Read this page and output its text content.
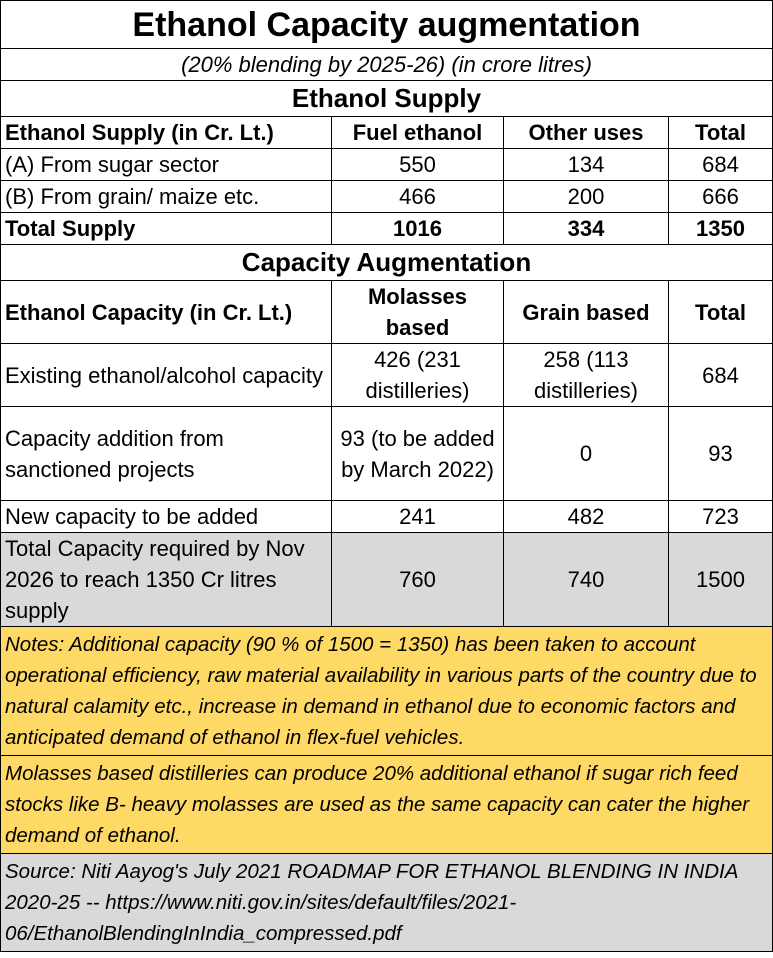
Ethanol Capacity augmentation			
(20% blending by 2025-26) (in crore litres)			
Ethanol Supply			
Ethanol Supply (in Cr. Lt.)	Fuel ethanol	Other uses	Total
(A) From sugar sector	550	134	684
(B) From grain/ maize etc.	466	200	666
Total Supply	1016	334	1350
Capacity Augmentation			
Ethanol Capacity (in Cr. Lt.)	Molasses based	Grain based	Total
Existing ethanol/alcohol capacity	426 (231 distilleries)	258 (113 distilleries)	684
Capacity addition from sanctioned projects	93 (to be added by March 2022)	0	93
New capacity to be added	241	482	723
Total Capacity required by Nov 2026 to reach 1350 Cr litres supply	760	740	1500
Notes: Additional capacity (90 % of 1500 = 1350) has been taken to account operational efficiency, raw material availability in various parts of the country due to natural calamity etc., increase in demand in ethanol due to economic factors and anticipated demand of ethanol in flex-fuel vehicles.			
Molasses based distilleries can produce 20% additional ethanol if sugar rich feed stocks like B- heavy molasses are used as the same capacity can cater the higher demand of ethanol.			
Source: Niti Aayog's July 2021 ROADMAP FOR ETHANOL BLENDING IN INDIA 2020-25 -- https://www.niti.gov.in/sites/default/files/2021-06/EthanolBlendingInIndia_compressed.pdf			
